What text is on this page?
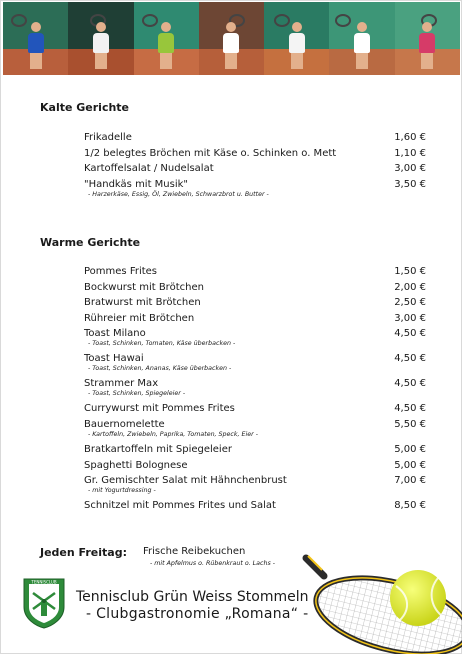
Kalte Gerichte
Frikadelle	1,60 €
1/2 belegtes Bröchen mit Käse o. Schinken o. Mett	1,10 €
Kartoffelsalat / Nudelsalat	3,00 €
"Handkäs mit Musik"	3,50 €
- Harzerkäse, Essig, Öl, Zwiebeln, Schwarzbrot u. Butter -
Warme Gerichte
Pommes Frites	1,50 €
Bockwurst mit Brötchen	2,00 €
Bratwurst mit Brötchen	2,50 €
Rühreier mit Brötchen	3,00 €
Toast Milano	4,50 €
- Toast, Schinken, Tomaten, Käse überbacken -
Toast Hawai	4,50 €
- Toast, Schinken, Ananas, Käse überbacken -
Strammer Max	4,50 €
- Toast, Schinken, Spiegeleier -
Currywurst mit Pommes Frites	4,50 €
Bauernomelette	5,50 €
- Kartoffeln, Zwiebeln, Paprika, Tomaten, Speck, Eier -
Bratkartoffeln mit Spiegeleier	5,00 €
Spaghetti Bolognese	5,00 €
Gr. Gemischter Salat mit Hähnchenbrust	7,00 €
- mit Yogurtdressing -
Schnitzel mit Pommes Frites und Salat	8,50 €
Jeden Freitag: Frische Reibekuchen
- mit Apfelmus o. Rübenkraut o. Lachs -
TENNISCLUB
Tennisclub Grün Weiss Stommeln
- Clubgastronomie „Romana“ -
